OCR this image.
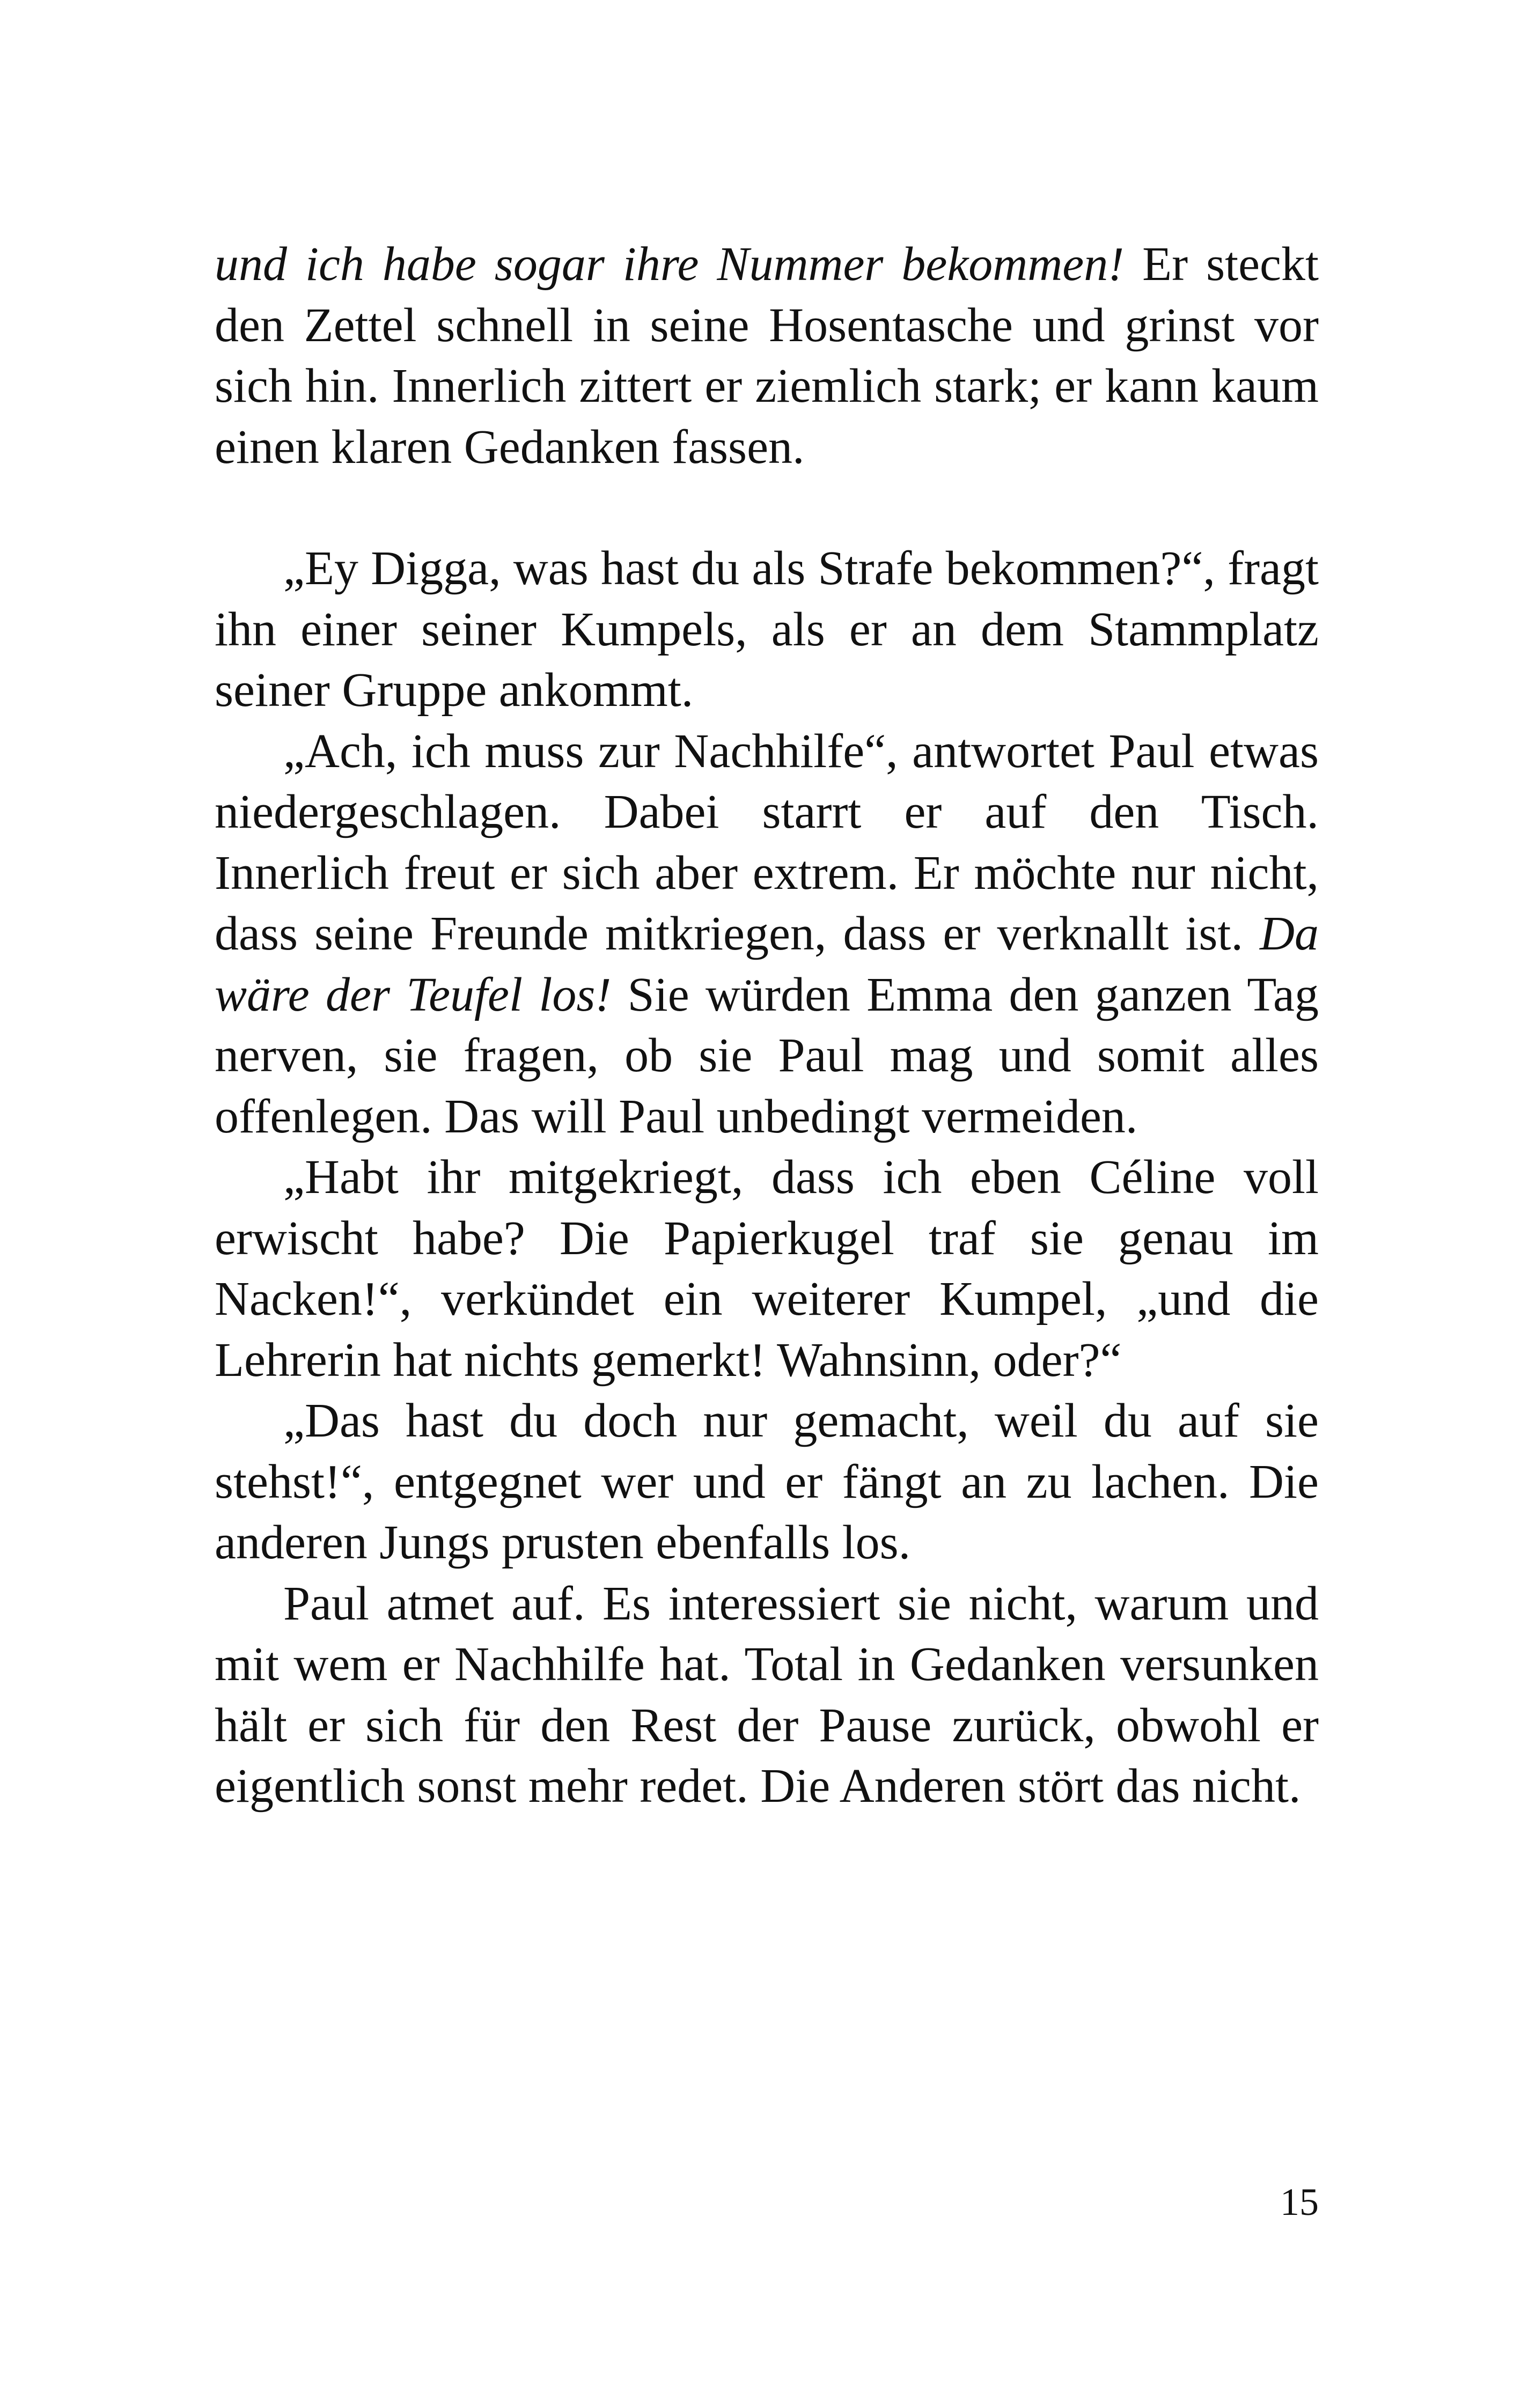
und ich habe sogar ihre Nummer bekommen! Er steckt den Zettel schnell in seine Hosentasche und grinst vor sich hin. Innerlich zittert er ziemlich stark; er kann kaum einen klaren Gedanken fassen.

„Ey Digga, was hast du als Strafe bekommen?“, fragt ihn einer seiner Kumpels, als er an dem Stammplatz seiner Gruppe ankommt.

„Ach, ich muss zur Nachhilfe“, antwortet Paul etwas niedergeschlagen. Dabei starrt er auf den Tisch. Innerlich freut er sich aber extrem. Er möchte nur nicht, dass seine Freunde mitkriegen, dass er verknallt ist. Da wäre der Teufel los! Sie würden Emma den ganzen Tag nerven, sie fragen, ob sie Paul mag und somit alles offenlegen. Das will Paul unbedingt vermeiden.

„Habt ihr mitgekriegt, dass ich eben Céline voll erwischt habe? Die Papierkugel traf sie genau im Nacken!“, verkündet ein weiterer Kumpel, „und die Lehrerin hat nichts gemerkt! Wahnsinn, oder?“

„Das hast du doch nur gemacht, weil du auf sie stehst!“, entgegnet wer und er fängt an zu lachen. Die anderen Jungs prusten ebenfalls los.

Paul atmet auf. Es interessiert sie nicht, warum und mit wem er Nachhilfe hat. Total in Gedanken versunken hält er sich für den Rest der Pause zurück, obwohl er eigentlich sonst mehr redet. Die Anderen stört das nicht.

15
